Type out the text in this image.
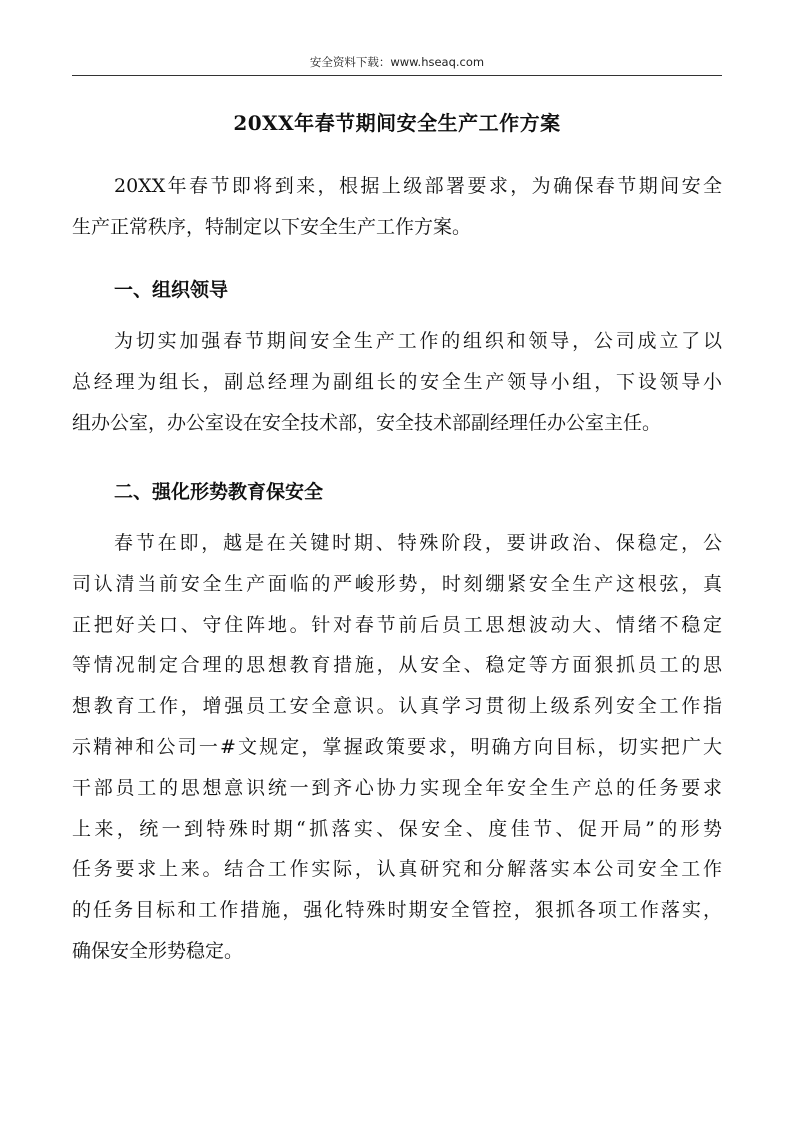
安全资料下载：www.hseaq.com
20XX年春节期间安全生产工作方案
20XX年春节即将到来，根据上级部署要求，为确保春节期间安全
生产正常秩序，特制定以下安全生产工作方案。
一、组织领导
为切实加强春节期间安全生产工作的组织和领导，公司成立了以
总经理为组长，副总经理为副组长的安全生产领导小组，下设领导小
组办公室，办公室设在安全技术部，安全技术部副经理任办公室主任。
二、强化形势教育保安全
春节在即，越是在关键时期、特殊阶段，要讲政治、保稳定，公
司认清当前安全生产面临的严峻形势，时刻绷紧安全生产这根弦，真
正把好关口、守住阵地。针对春节前后员工思想波动大、情绪不稳定
等情况制定合理的思想教育措施，从安全、稳定等方面狠抓员工的思
想教育工作，增强员工安全意识。认真学习贯彻上级系列安全工作指
示精神和公司一#文规定，掌握政策要求，明确方向目标，切实把广大
干部员工的思想意识统一到齐心协力实现全年安全生产总的任务要求
上来，统一到特殊时期“抓落实、保安全、度佳节、促开局”的形势
任务要求上来。结合工作实际，认真研究和分解落实本公司安全工作
的任务目标和工作措施，强化特殊时期安全管控，狠抓各项工作落实，
确保安全形势稳定。
